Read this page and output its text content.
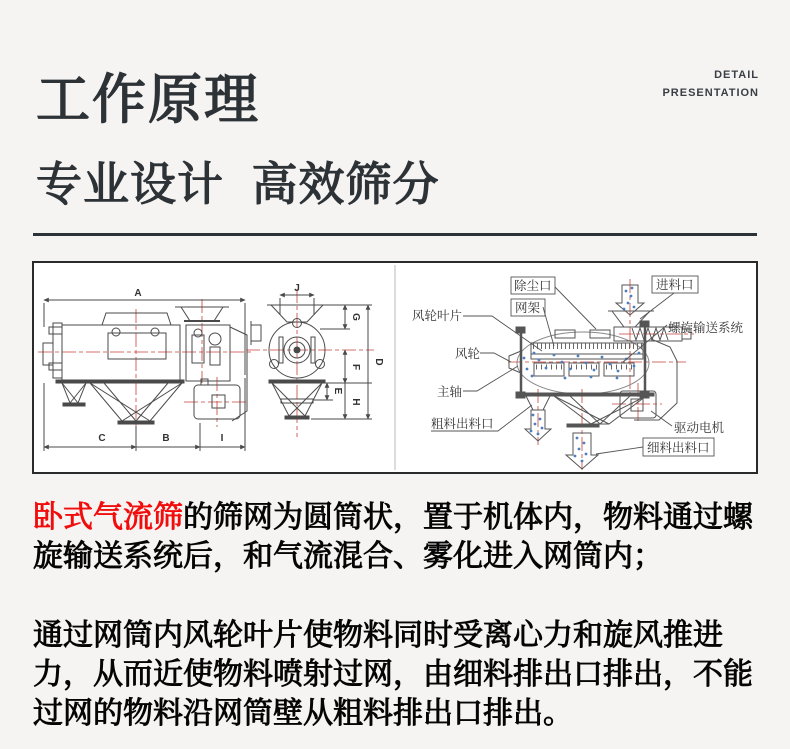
DETAIL
PRESENTATION
工作原理
专业设计  高效筛分
A
C	B	I
J
G
F
H
E
D
风轮叶片
除尘口
网架
进料口
螺旋输送系统
风轮
主轴
粗料出料口	驱动电机
细料出料口

卧式气流筛的筛网为圆筒状，置于机体内，物料通过螺旋输送系统后，和气流混合、雾化进入网筒内；

通过网筒内风轮叶片使物料同时受离心力和旋风推进力，从而近使物料喷射过网，由细料排出口排出，不能过网的物料沿网筒壁从粗料排出口排出。
